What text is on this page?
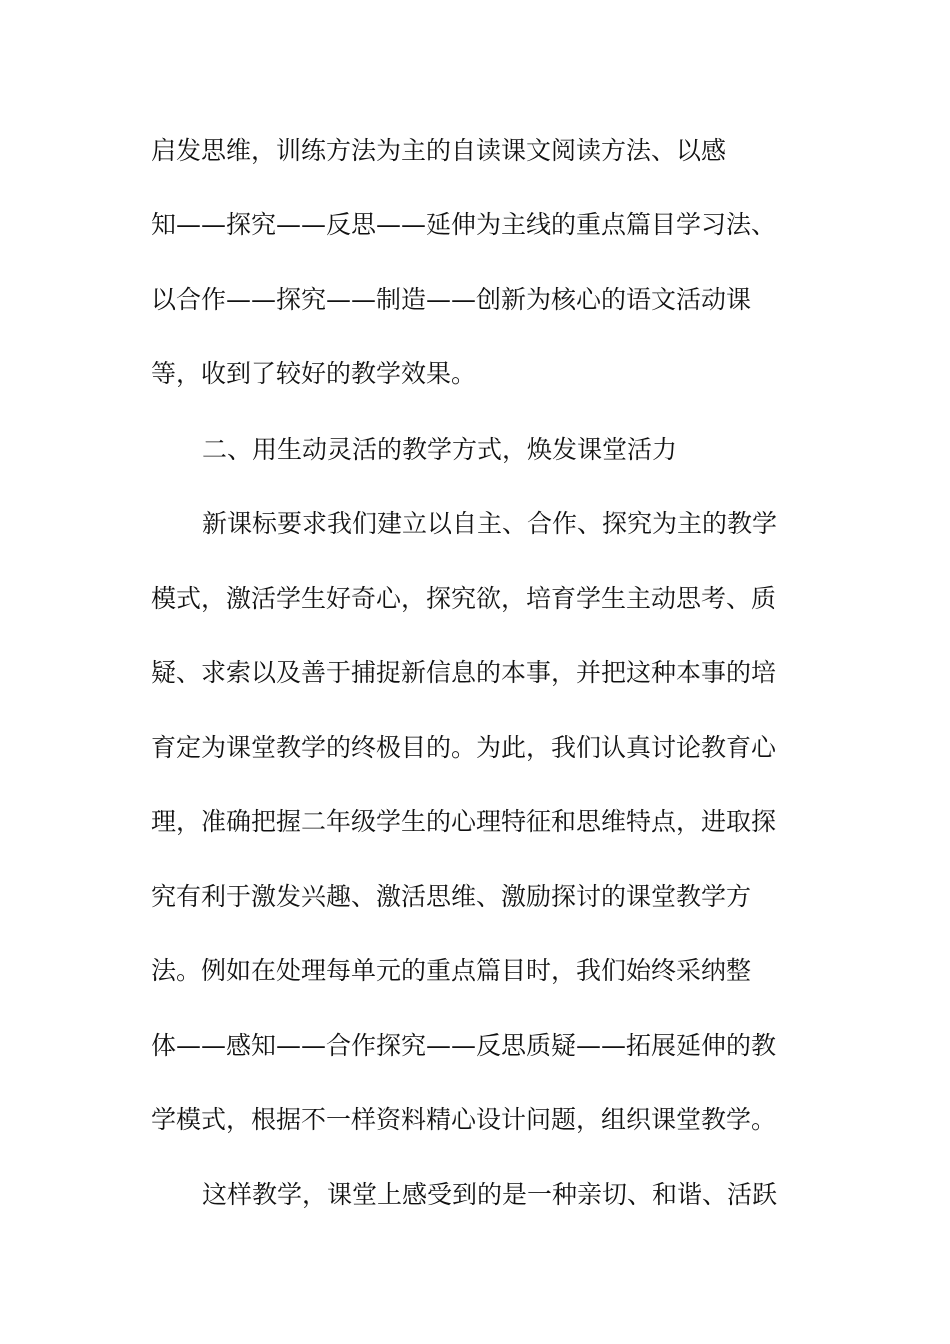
启发思维，训练方法为主的自读课文阅读方法、以感
知——探究——反思——延伸为主线的重点篇目学习法、
以合作——探究——制造——创新为核心的语文活动课
等，收到了较好的教学效果。
二、用生动灵活的教学方式，焕发课堂活力
新课标要求我们建立以自主、合作、探究为主的教学
模式，激活学生好奇心，探究欲，培育学生主动思考、质
疑、求索以及善于捕捉新信息的本事，并把这种本事的培
育定为课堂教学的终极目的。为此，我们认真讨论教育心
理，准确把握二年级学生的心理特征和思维特点，进取探
究有利于激发兴趣、激活思维、激励探讨的课堂教学方
法。例如在处理每单元的重点篇目时，我们始终采纳整
体——感知——合作探究——反思质疑——拓展延伸的教
学模式，根据不一样资料精心设计问题，组织课堂教学。
这样教学，课堂上感受到的是一种亲切、和谐、活跃
